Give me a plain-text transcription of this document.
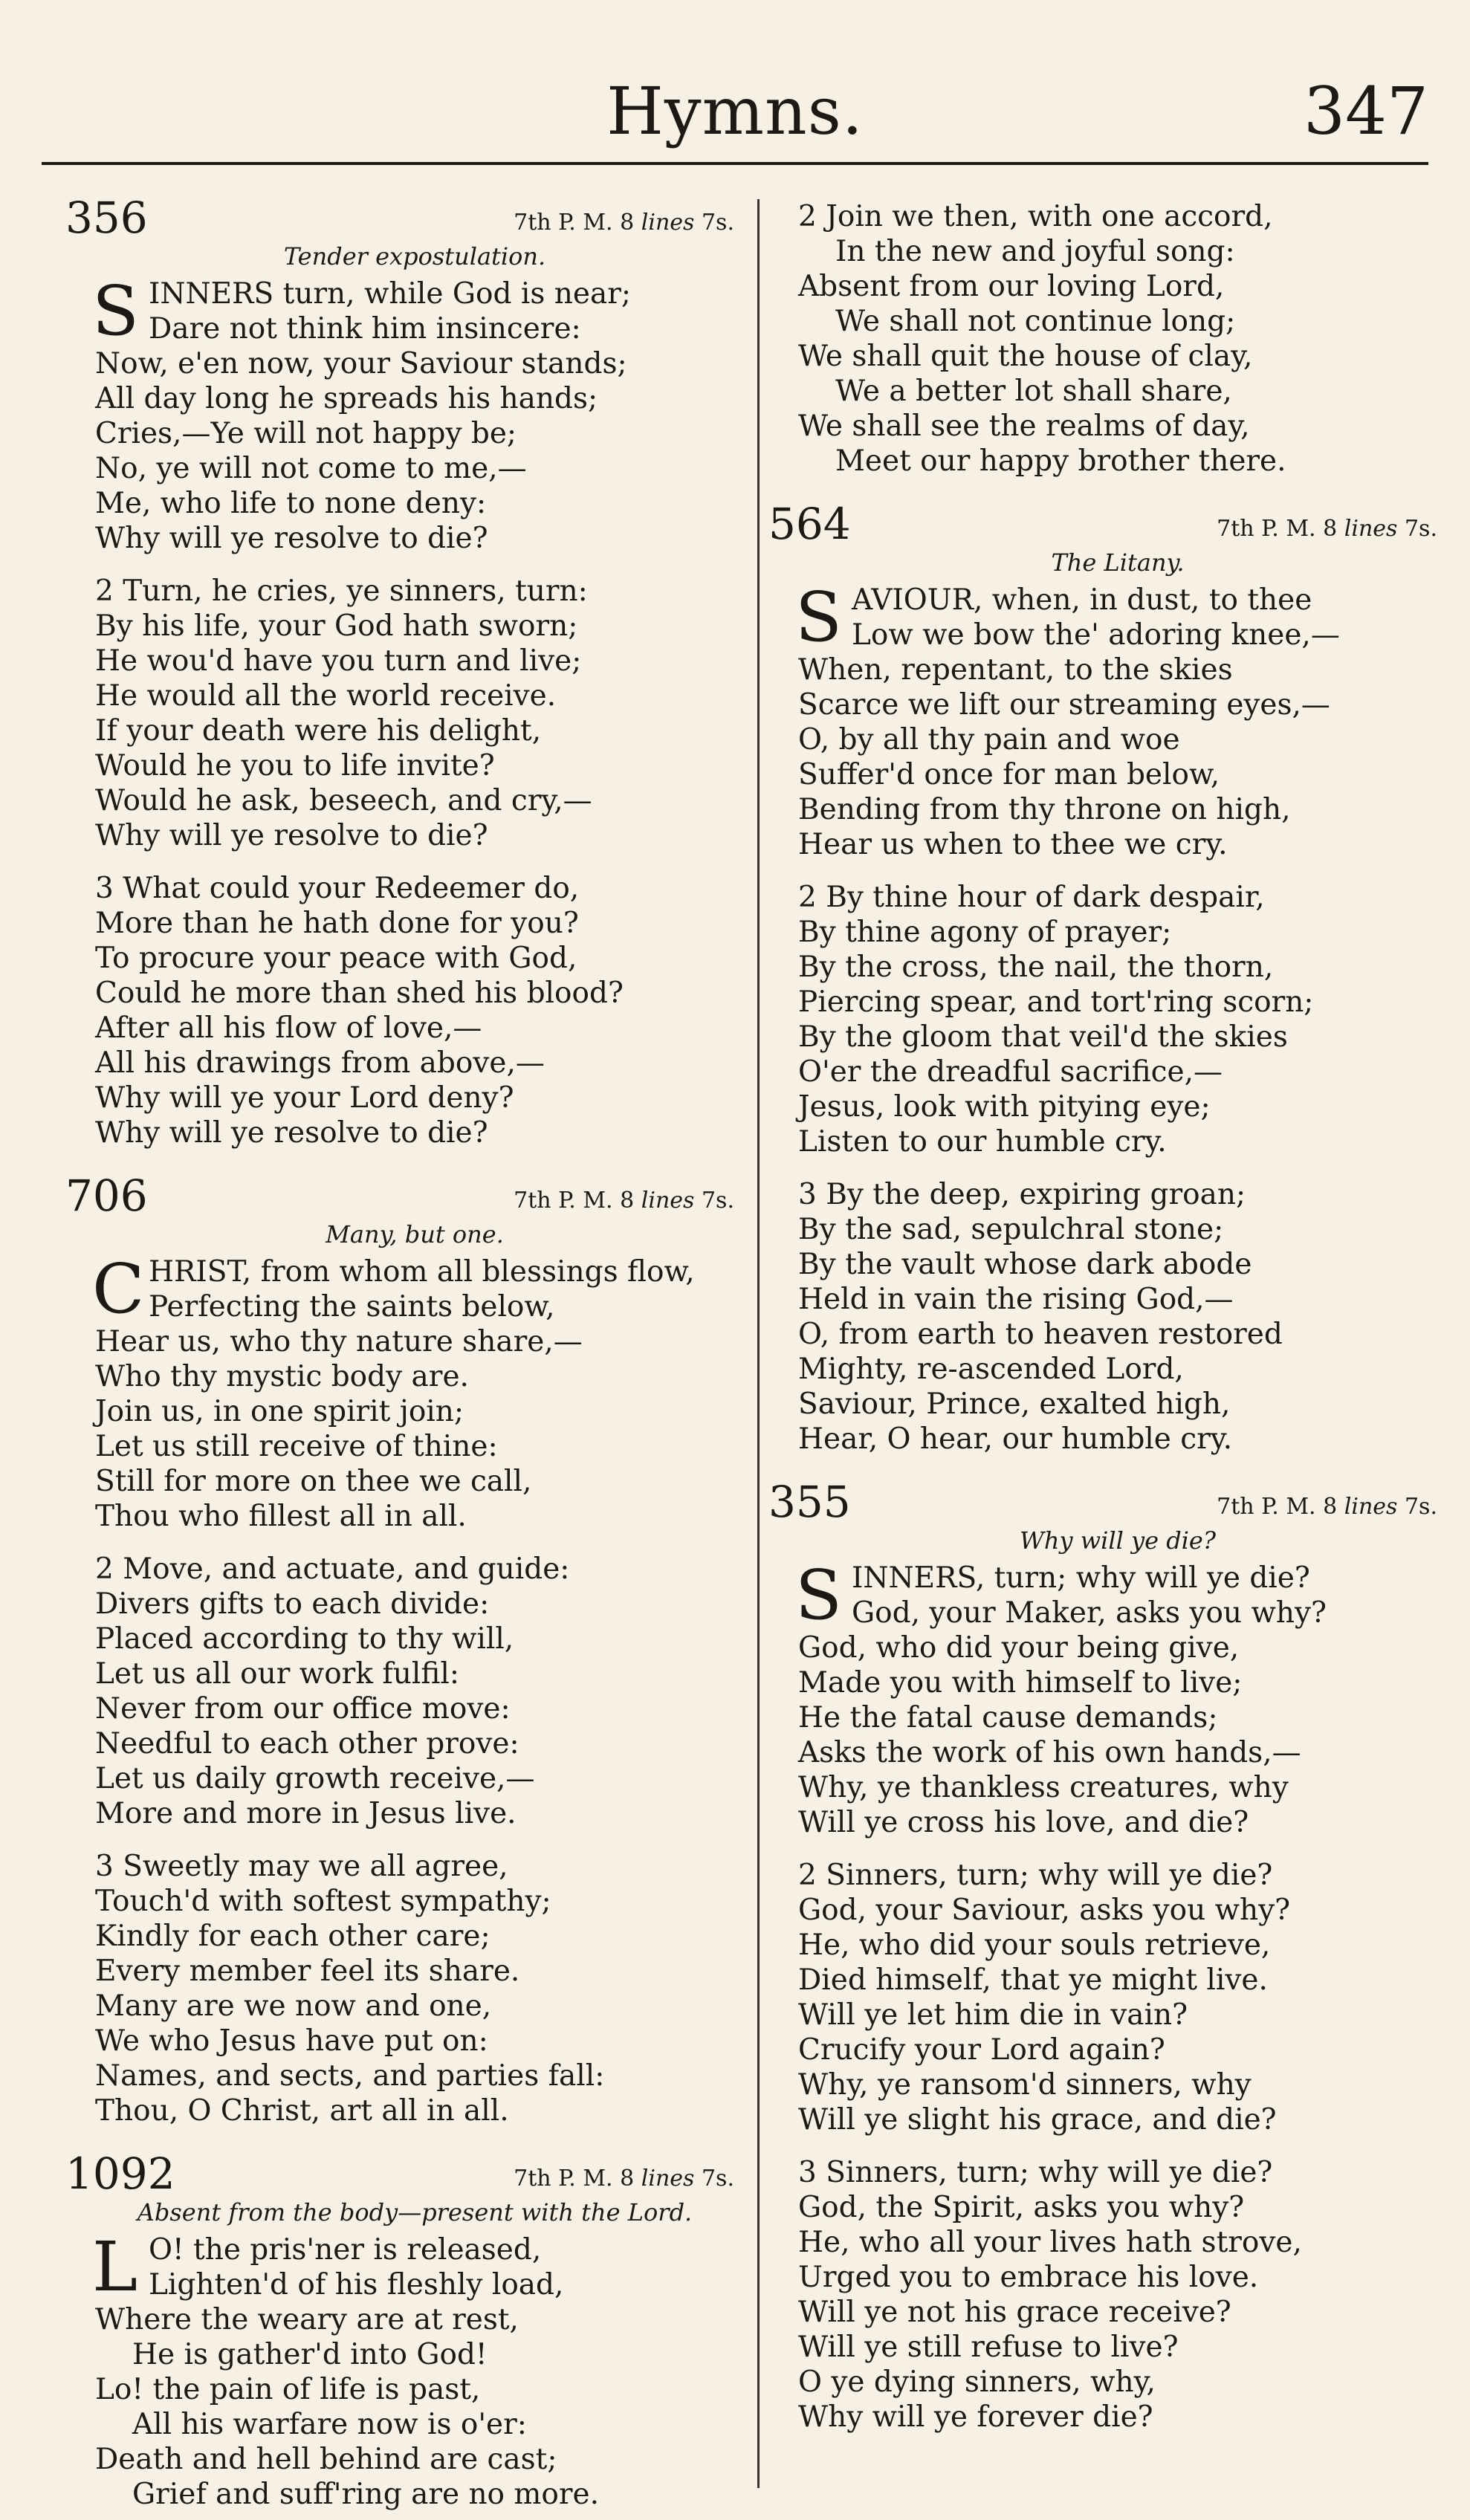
Hymns.	347
356	7th P. M. 8 lines 7s.
Tender expostulation.
S INNERS turn, while God is near;
Dare not think him insincere:
Now, e'en now, your Saviour stands;
All day long he spreads his hands;
Cries,—Ye will not happy be;
No, ye will not come to me,—
Me, who life to none deny:
Why will ye resolve to die?
2 Turn, he cries, ye sinners, turn:
By his life, your God hath sworn;
He wou'd have you turn and live;
He would all the world receive.
If your death were his delight,
Would he you to life invite?
Would he ask, beseech, and cry,—
Why will ye resolve to die?
3 What could your Redeemer do,
More than he hath done for you?
To procure your peace with God,
Could he more than shed his blood?
After all his flow of love,—
All his drawings from above,—
Why will ye your Lord deny?
Why will ye resolve to die?
706	7th P. M. 8 lines 7s.
Many, but one.
C HRIST, from whom all blessings flow,
Perfecting the saints below,
Hear us, who thy nature share,—
Who thy mystic body are.
Join us, in one spirit join;
Let us still receive of thine:
Still for more on thee we call,
Thou who fillest all in all.
2 Move, and actuate, and guide:
Divers gifts to each divide:
Placed according to thy will,
Let us all our work fulfil:
Never from our office move:
Needful to each other prove:
Let us daily growth receive,—
More and more in Jesus live.
3 Sweetly may we all agree,
Touch'd with softest sympathy;
Kindly for each other care;
Every member feel its share.
Many are we now and one,
We who Jesus have put on:
Names, and sects, and parties fall:
Thou, O Christ, art all in all.
1092	7th P. M. 8 lines 7s.
Absent from the body—present with the Lord.
L O! the pris'ner is released,
Lighten'd of his fleshly load,
Where the weary are at rest,
He is gather'd into God!
Lo! the pain of life is past,
All his warfare now is o'er:
Death and hell behind are cast;
Grief and suff'ring are no more.
2 Join we then, with one accord,
In the new and joyful song:
Absent from our loving Lord,
We shall not continue long;
We shall quit the house of clay,
We a better lot shall share,
We shall see the realms of day,
Meet our happy brother there.
564	7th P. M. 8 lines 7s.
The Litany.
S AVIOUR, when, in dust, to thee
Low we bow the' adoring knee,—
When, repentant, to the skies
Scarce we lift our streaming eyes,—
O, by all thy pain and woe
Suffer'd once for man below,
Bending from thy throne on high,
Hear us when to thee we cry.
2 By thine hour of dark despair,
By thine agony of prayer;
By the cross, the nail, the thorn,
Piercing spear, and tort'ring scorn;
By the gloom that veil'd the skies
O'er the dreadful sacrifice,—
Jesus, look with pitying eye;
Listen to our humble cry.
3 By the deep, expiring groan;
By the sad, sepulchral stone;
By the vault whose dark abode
Held in vain the rising God,—
O, from earth to heaven restored
Mighty, re-ascended Lord,
Saviour, Prince, exalted high,
Hear, O hear, our humble cry.
355	7th P. M. 8 lines 7s.
Why will ye die?
S INNERS, turn; why will ye die?
God, your Maker, asks you why?
God, who did your being give,
Made you with himself to live;
He the fatal cause demands;
Asks the work of his own hands,—
Why, ye thankless creatures, why
Will ye cross his love, and die?
2 Sinners, turn; why will ye die?
God, your Saviour, asks you why?
He, who did your souls retrieve,
Died himself, that ye might live.
Will ye let him die in vain?
Crucify your Lord again?
Why, ye ransom'd sinners, why
Will ye slight his grace, and die?
3 Sinners, turn; why will ye die?
God, the Spirit, asks you why?
He, who all your lives hath strove,
Urged you to embrace his love.
Will ye not his grace receive?
Will ye still refuse to live?
O ye dying sinners, why,
Why will ye forever die?
